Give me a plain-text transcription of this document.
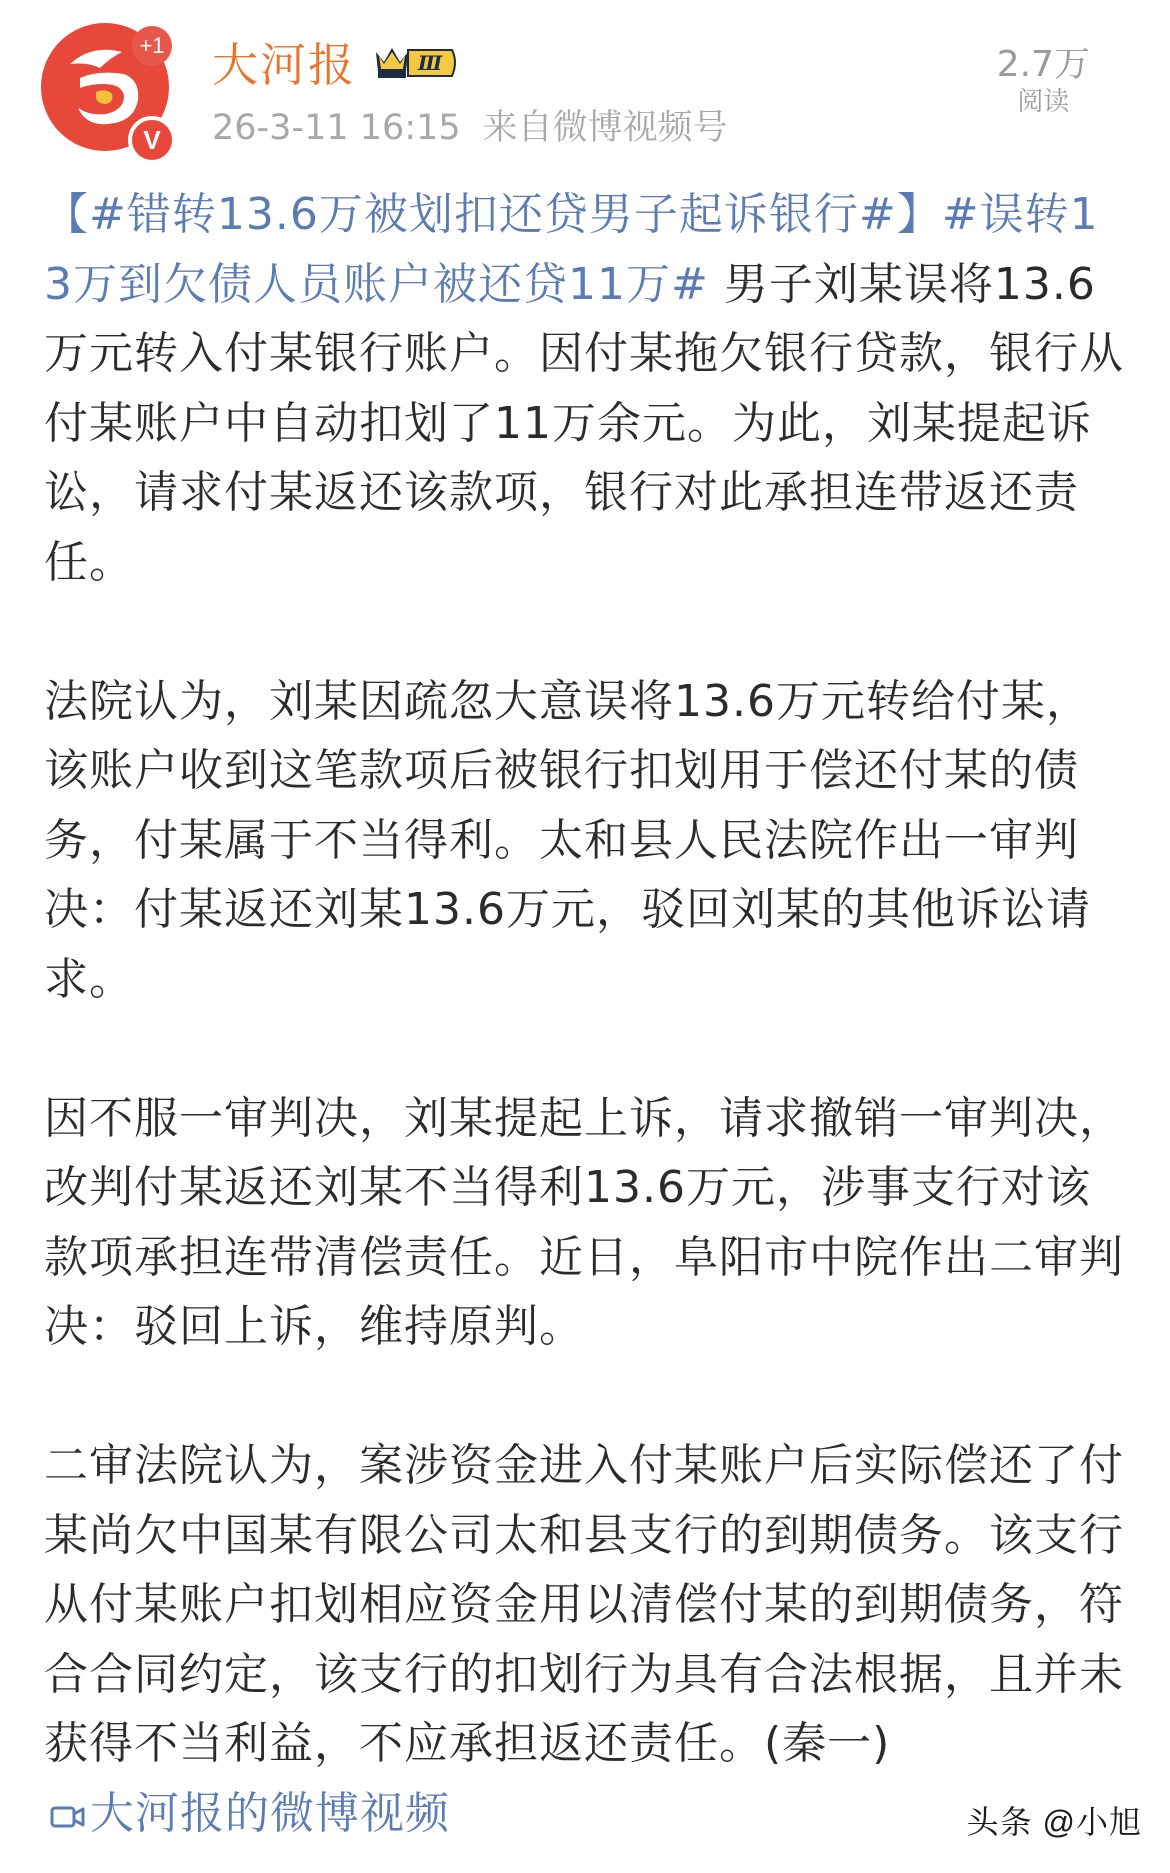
+1
V
大河报	Ⅲ
26-3-11 16:15 来自微博视频号
2.7万
阅读

【#错转13.6万被划扣还贷男子起诉银行#】#误转13万到欠债人员账户被还贷11万# 男子刘某误将13.6万元转入付某银行账户。因付某拖欠银行贷款，银行从付某账户中自动扣划了11万余元。为此，刘某提起诉讼，请求付某返还该款项，银行对此承担连带返还责任。

法院认为，刘某因疏忽大意误将13.6万元转给付某，该账户收到这笔款项后被银行扣划用于偿还付某的债务，付某属于不当得利。太和县人民法院作出一审判决：付某返还刘某13.6万元，驳回刘某的其他诉讼请求。

因不服一审判决，刘某提起上诉，请求撤销一审判决，改判付某返还刘某不当得利13.6万元，涉事支行对该款项承担连带清偿责任。近日，阜阳市中院作出二审判决：驳回上诉，维持原判。

二审法院认为，案涉资金进入付某账户后实际偿还了付某尚欠中国某有限公司太和县支行的到期债务。该支行从付某账户扣划相应资金用以清偿付某的到期债务，符合合同约定，该支行的扣划行为具有合法根据，且并未获得不当利益，不应承担返还责任。(秦一)大河报的微博视频	头条 @小旭
